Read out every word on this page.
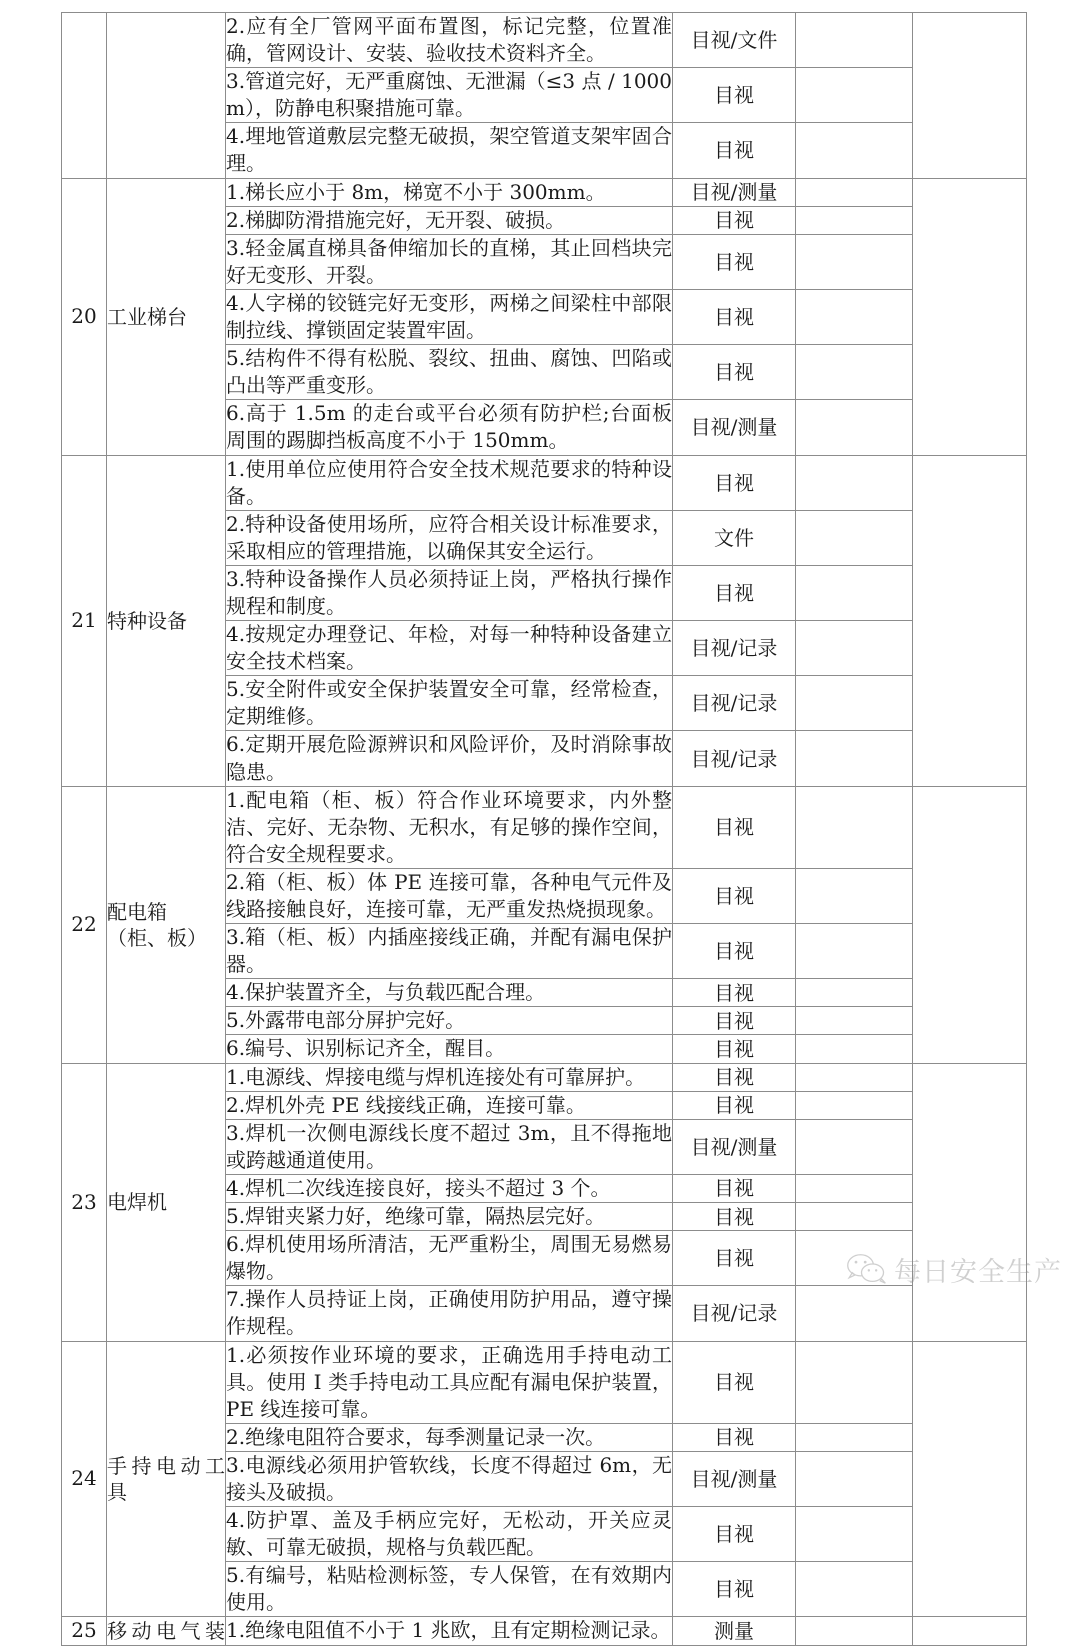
		2.应有全厂管网平面布置图，标记完整，位置准确，管网设计、安装、验收技术资料齐全。	目视/文件		
		3.管道完好，无严重腐蚀、无泄漏（≤3 点 / 1000m），防静电积聚措施可靠。	目视		
		4.埋地管道敷层完整无破损，架空管道支架牢固合理。	目视		
20	工业梯台	1.梯长应小于 8m，梯宽不小于 300mm。	目视/测量		
		2.梯脚防滑措施完好，无开裂、破损。	目视		
		3.轻金属直梯具备伸缩加长的直梯，其止回档块完好无变形、开裂。	目视		
		4.人字梯的铰链完好无变形，两梯之间梁柱中部限制拉线、撑锁固定装置牢固。	目视		
		5.结构件不得有松脱、裂纹、扭曲、腐蚀、凹陷或凸出等严重变形。	目视		
		6.高于 1.5m 的走台或平台必须有防护栏;台面板周围的踢脚挡板高度不小于 150mm。	目视/测量		
21	特种设备	1.使用单位应使用符合安全技术规范要求的特种设备。	目视		
		2.特种设备使用场所，应符合相关设计标准要求，采取相应的管理措施，以确保其安全运行。	文件		
		3.特种设备操作人员必须持证上岗，严格执行操作规程和制度。	目视		
		4.按规定办理登记、年检，对每一种特种设备建立安全技术档案。	目视/记录		
		5.安全附件或安全保护装置安全可靠，经常检查，定期维修。	目视/记录		
		6.定期开展危险源辨识和风险评价，及时消除事故隐患。	目视/记录		
22	配电箱（柜、板）	1.配电箱（柜、板）符合作业环境要求，内外整洁、完好、无杂物、无积水，有足够的操作空间，符合安全规程要求。	目视		
		2.箱（柜、板）体 PE 连接可靠，各种电气元件及线路接触良好，连接可靠，无严重发热烧损现象。	目视		
		3.箱（柜、板）内插座接线正确，并配有漏电保护器。	目视		
		4.保护装置齐全，与负载匹配合理。	目视		
		5.外露带电部分屏护完好。	目视		
		6.编号、识别标记齐全，醒目。	目视		
23	电焊机	1.电源线、焊接电缆与焊机连接处有可靠屏护。	目视		
		2.焊机外壳 PE 线接线正确，连接可靠。	目视		
		3.焊机一次侧电源线长度不超过 3m，且不得拖地或跨越通道使用。	目视/测量		
		4.焊机二次线连接良好，接头不超过 3 个。	目视		
		5.焊钳夹紧力好，绝缘可靠，隔热层完好。	目视		
		6.焊机使用场所清洁，无严重粉尘，周围无易燃易爆物。	目视		
		7.操作人员持证上岗，正确使用防护用品，遵守操作规程。	目视/记录		
24	手持电动工具	1.必须按作业环境的要求，正确选用手持电动工具。使用 I 类手持电动工具应配有漏电保护装置，PE 线连接可靠。	目视		
		2.绝缘电阻符合要求，每季测量记录一次。	目视		
		3.电源线必须用护管软线，长度不得超过 6m，无接头及破损。	目视/测量		
		4.防护罩、盖及手柄应完好，无松动，开关应灵敏、可靠无破损，规格与负载匹配。	目视		
		5.有编号，粘贴检测标签，专人保管，在有效期内使用。	目视		
25	移动电气装	1.绝缘电阻值不小于 1 兆欧，且有定期检测记录。	测量		
每日安全生产
